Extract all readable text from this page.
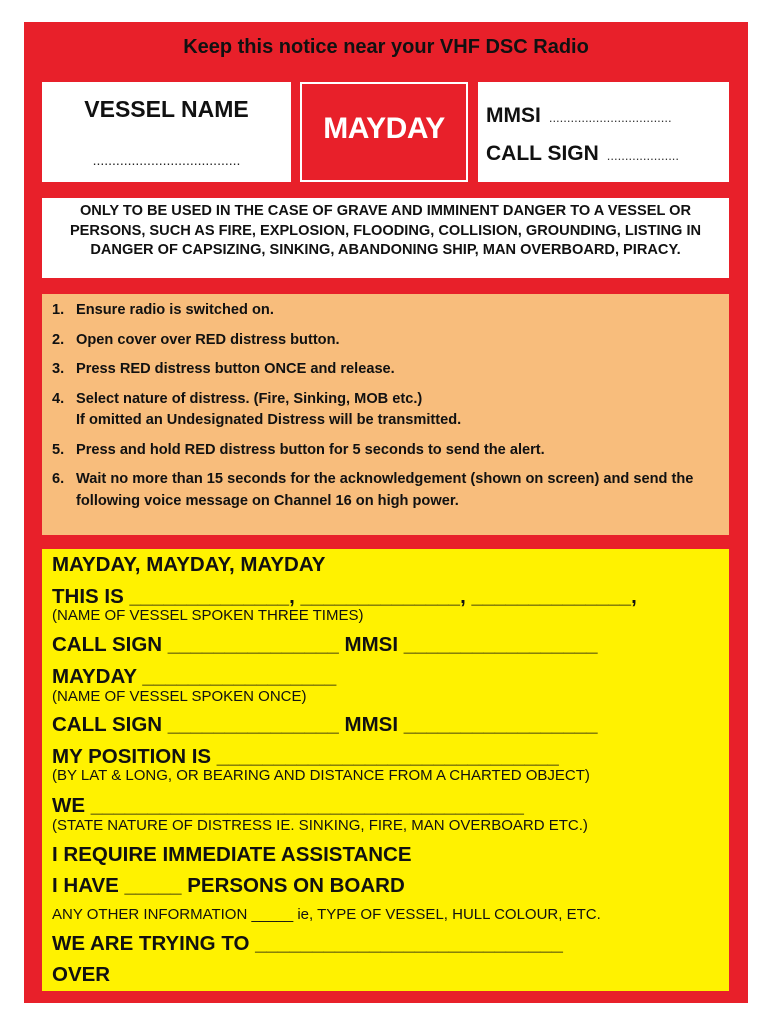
Keep this notice near your VHF DSC Radio
VESSEL NAME
......................................
MAYDAY	MMSI ..................................
CALL SIGN ....................

ONLY TO BE USED IN THE CASE OF GRAVE AND IMMINENT DANGER TO A VESSEL OR PERSONS, SUCH AS FIRE, EXPLOSION, FLOODING, COLLISION, GROUNDING, LISTING IN DANGER OF CAPSIZING, SINKING, ABANDONING SHIP, MAN OVERBOARD, PIRACY.

1. Ensure radio is switched on.
2. Open cover over RED distress button.
3. Press RED distress button ONCE and release.
4. Select nature of distress. (Fire, Sinking, MOB etc.)
If omitted an Undesignated Distress will be transmitted.
5. Press and hold RED distress button for 5 seconds to send the alert.
6. Wait no more than 15 seconds for the acknowledgement (shown on screen) and send the following voice message on Channel 16 on high power.
MAYDAY, MAYDAY, MAYDAY
THIS IS ______________, ______________, ______________,
(NAME OF VESSEL SPOKEN THREE TIMES)
CALL SIGN _______________ MMSI _________________
MAYDAY _________________
(NAME OF VESSEL SPOKEN ONCE)
CALL SIGN _______________ MMSI _________________
MY POSITION IS ______________________________
(BY LAT & LONG, OR BEARING AND DISTANCE FROM A CHARTED OBJECT)
WE ______________________________________
(STATE NATURE OF DISTRESS IE. SINKING, FIRE, MAN OVERBOARD ETC.)
I REQUIRE IMMEDIATE ASSISTANCE
I HAVE _____ PERSONS ON BOARD
ANY OTHER INFORMATION _____ ie, TYPE OF VESSEL, HULL COLOUR, ETC.
WE ARE TRYING TO ___________________________
OVER
